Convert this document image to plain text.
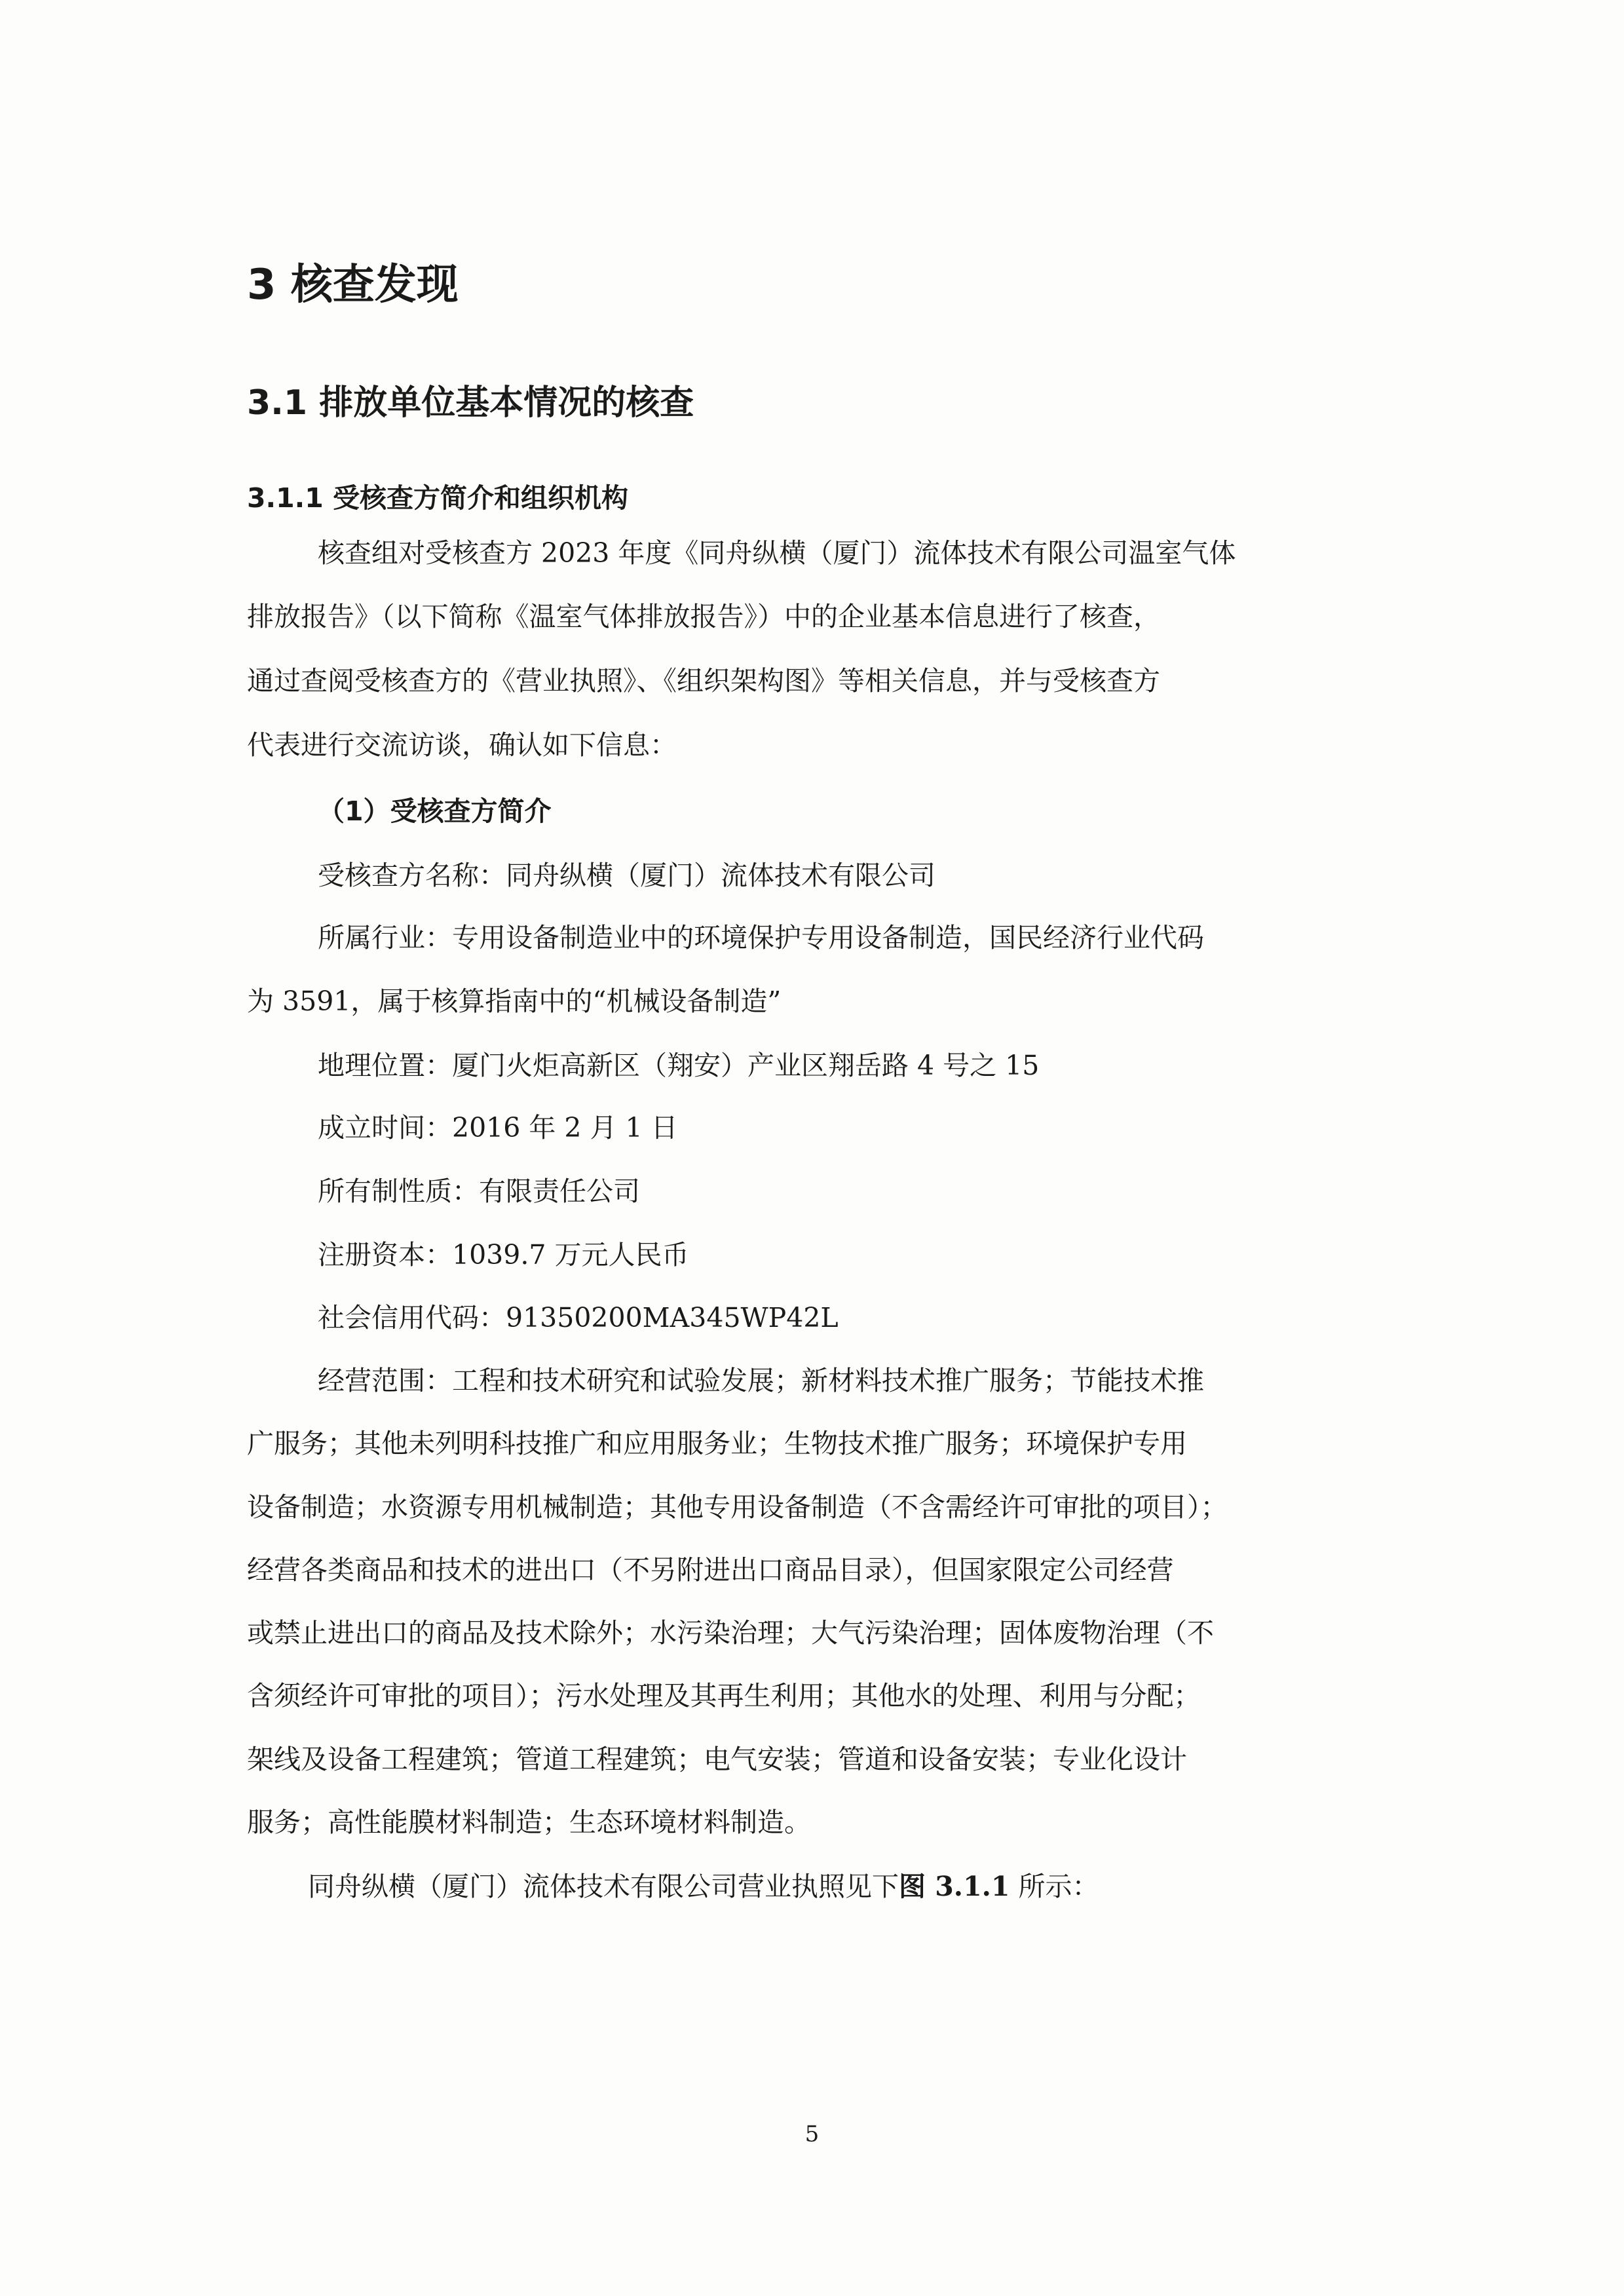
3 核查发现
3.1 排放单位基本情况的核查
3.1.1 受核查方简介和组织机构

核查组对受核查方 2023 年度《同舟纵横（厦门）流体技术有限公司温室气体

排放报告》（以下简称《温室气体排放报告》）中的企业基本信息进行了核查，

通过查阅受核查方的《营业执照》、《组织架构图》等相关信息，并与受核查方

代表进行交流访谈，确认如下信息：

（1）受核查方简介

受核查方名称：同舟纵横（厦门）流体技术有限公司

所属行业：专用设备制造业中的环境保护专用设备制造，国民经济行业代码

为 3591，属于核算指南中的“机械设备制造”

地理位置：厦门火炬高新区（翔安）产业区翔岳路 4 号之 15

成立时间：2016 年 2 月 1 日

所有制性质：有限责任公司

注册资本：1039.7 万元人民币

社会信用代码：91350200MA345WP42L

经营范围：工程和技术研究和试验发展；新材料技术推广服务；节能技术推

广服务；其他未列明科技推广和应用服务业；生物技术推广服务；环境保护专用

设备制造；水资源专用机械制造；其他专用设备制造（不含需经许可审批的项目）；

经营各类商品和技术的进出口（不另附进出口商品目录），但国家限定公司经营

或禁止进出口的商品及技术除外；水污染治理；大气污染治理；固体废物治理（不

含须经许可审批的项目）；污水处理及其再生利用；其他水的处理、利用与分配；

架线及设备工程建筑；管道工程建筑；电气安装；管道和设备安装；专业化设计

服务；高性能膜材料制造；生态环境材料制造。

同舟纵横（厦门）流体技术有限公司营业执照见下图 3.1.1 所示：

5
